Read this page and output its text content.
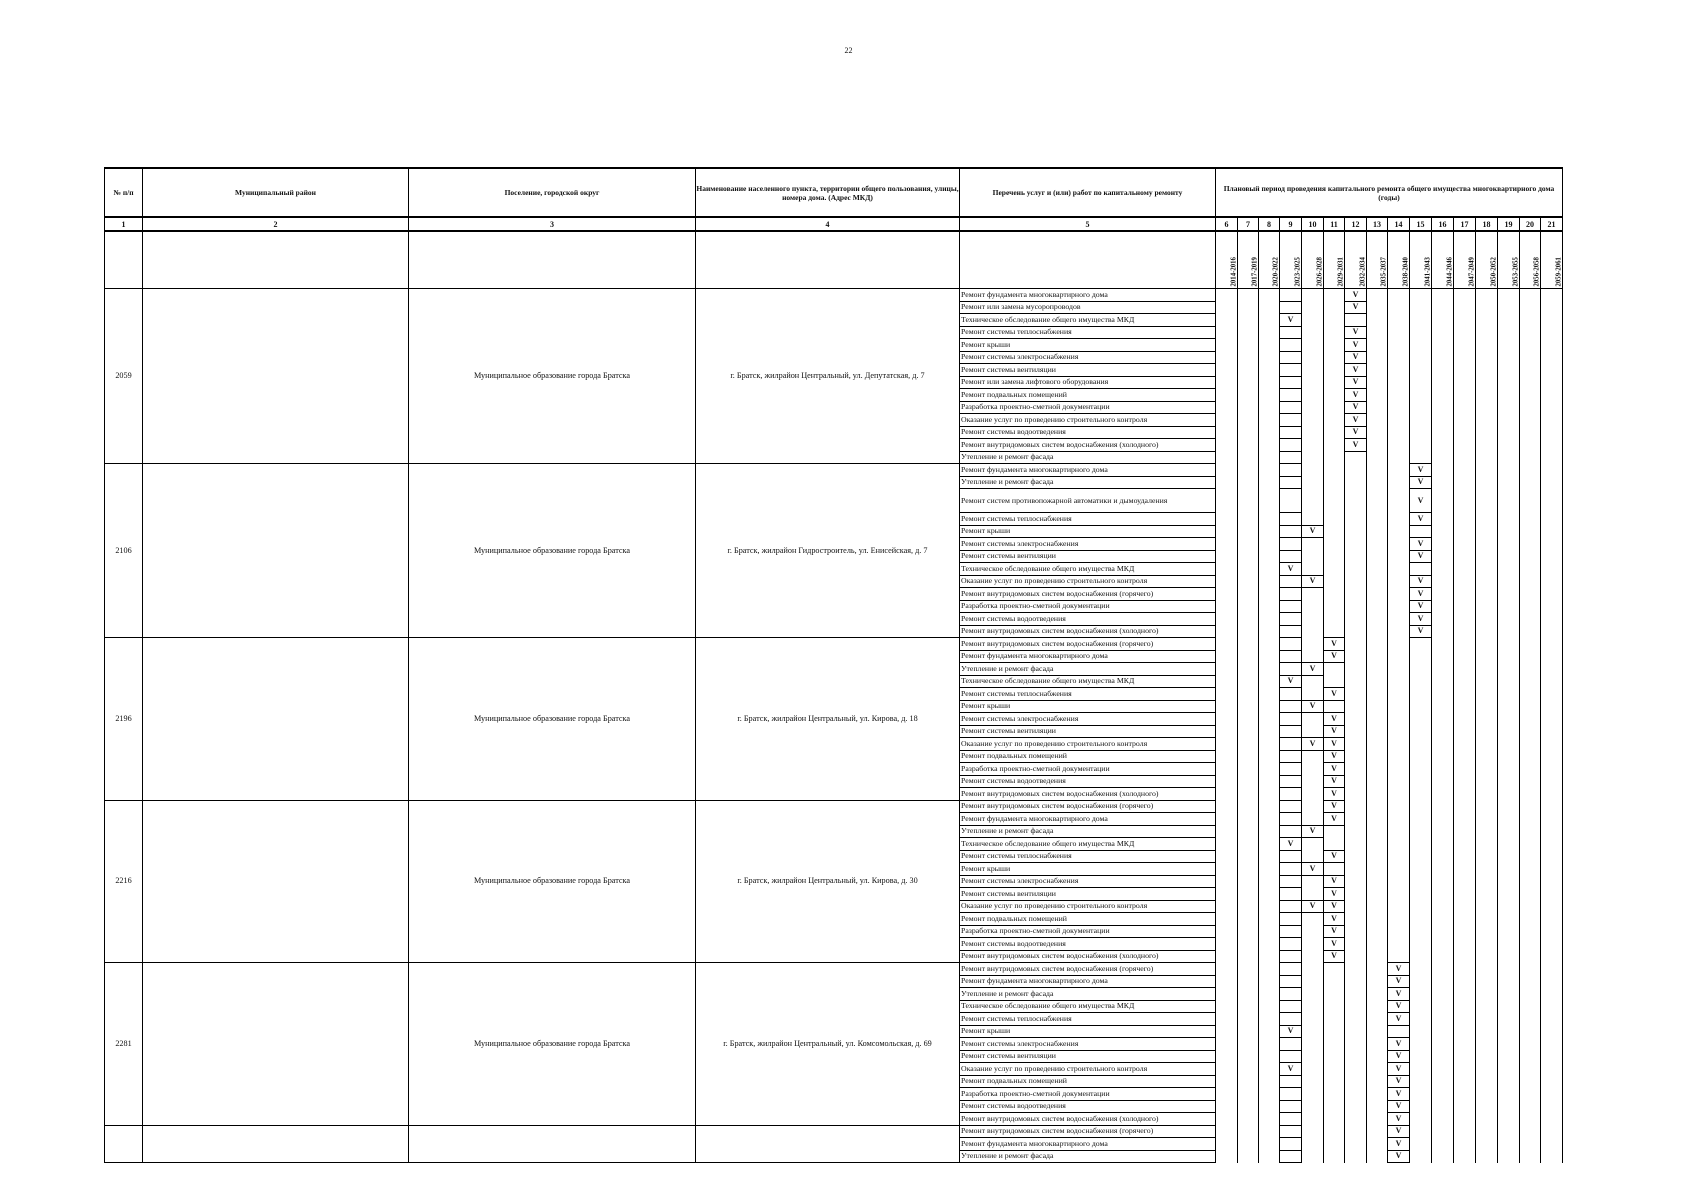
22
№ п/п	Муниципальный район	Поселение, городской округ	Наименование населенного пункта, территории общего пользования, улицы, номера дома. (Адрес МКД)	Перечень услуг и (или) работ по капитальному ремонту	Плановый период проведения капитального ремонта общего имущества многоквартирного дома (годы)															
1	2	3	4	5	6	7	8	9	10	11	12	13	14	15	16	17	18	19	20	21
					2014-2016	2017-2019	2020-2022	2023-2025	2026-2028	2029-2031	2032-2034	2035-2037	2038-2040	2041-2043	2044-2046	2047-2049	2050-2052	2053-2055	2056-2058	2059-2061
2059		Муниципальное образование города Братска	г. Братск, жилрайон Центральный, ул. Депутатская, д. 7	Ремонт фундамента многоквартирного дома							V									
				Ремонт или замена мусоропроводов							V									
				Техническое обследование общего имущества МКД				V												
				Ремонт системы теплоснабжения							V									
				Ремонт крыши							V									
				Ремонт системы электроснабжения							V									
				Ремонт системы вентиляции							V									
				Ремонт или замена лифтового оборудования							V									
				Ремонт подвальных помещений							V									
				Разработка проектно-сметной документации							V									
				Оказание услуг по проведению строительного контроля							V									
				Ремонт системы водоотведения							V									
				Ремонт внутридомовых систем водоснабжения (холодного)							V									
				Утепление и ремонт фасада																
2106		Муниципальное образование города Братска	г. Братск, жилрайон Гидростроитель, ул. Енисейская, д. 7	Ремонт фундамента многоквартирного дома										V						
				Утепление и ремонт фасада										V						
				Ремонт систем противопожарной автоматики и дымоудаления										V						
				Ремонт системы теплоснабжения										V						
				Ремонт крыши					V											
				Ремонт системы электроснабжения										V						
				Ремонт системы вентиляции										V						
				Техническое обследование общего имущества МКД				V												
				Оказание услуг по проведению строительного контроля					V					V						
				Ремонт внутридомовых систем водоснабжения (горячего)										V						
				Разработка проектно-сметной документации										V						
				Ремонт системы водоотведения										V						
				Ремонт внутридомовых систем водоснабжения (холодного)										V						
2196		Муниципальное образование города Братска	г. Братск, жилрайон Центральный, ул. Кирова, д. 18	Ремонт внутридомовых систем водоснабжения (горячего)						V										
				Ремонт фундамента многоквартирного дома						V										
				Утепление и ремонт фасада					V											
				Техническое обследование общего имущества МКД				V												
				Ремонт системы теплоснабжения						V										
				Ремонт крыши					V											
				Ремонт системы электроснабжения						V										
				Ремонт системы вентиляции						V										
				Оказание услуг по проведению строительного контроля					V	V										
				Ремонт подвальных помещений						V										
				Разработка проектно-сметной документации						V										
				Ремонт системы водоотведения						V										
				Ремонт внутридомовых систем водоснабжения (холодного)						V										
2216		Муниципальное образование города Братска	г. Братск, жилрайон Центральный, ул. Кирова, д. 30	Ремонт внутридомовых систем водоснабжения (горячего)						V										
				Ремонт фундамента многоквартирного дома						V										
				Утепление и ремонт фасада					V											
				Техническое обследование общего имущества МКД				V												
				Ремонт системы теплоснабжения						V										
				Ремонт крыши					V											
				Ремонт системы электроснабжения						V										
				Ремонт системы вентиляции						V										
				Оказание услуг по проведению строительного контроля					V	V										
				Ремонт подвальных помещений						V										
				Разработка проектно-сметной документации						V										
				Ремонт системы водоотведения						V										
				Ремонт внутридомовых систем водоснабжения (холодного)						V										
2281		Муниципальное образование города Братска	г. Братск, жилрайон Центральный, ул. Комсомольская, д. 69	Ремонт внутридомовых систем водоснабжения (горячего)									V							
				Ремонт фундамента многоквартирного дома									V							
				Утепление и ремонт фасада									V							
				Техническое обследование общего имущества МКД									V							
				Ремонт системы теплоснабжения									V							
				Ремонт крыши				V												
				Ремонт системы электроснабжения									V							
				Ремонт системы вентиляции									V							
				Оказание услуг по проведению строительного контроля				V					V							
				Ремонт подвальных помещений									V							
				Разработка проектно-сметной документации									V							
				Ремонт системы водоотведения									V							
				Ремонт внутридомовых систем водоснабжения (холодного)									V							
				Ремонт внутридомовых систем водоснабжения (горячего)									V							
				Ремонт фундамента многоквартирного дома									V							
				Утепление и ремонт фасада									V							
